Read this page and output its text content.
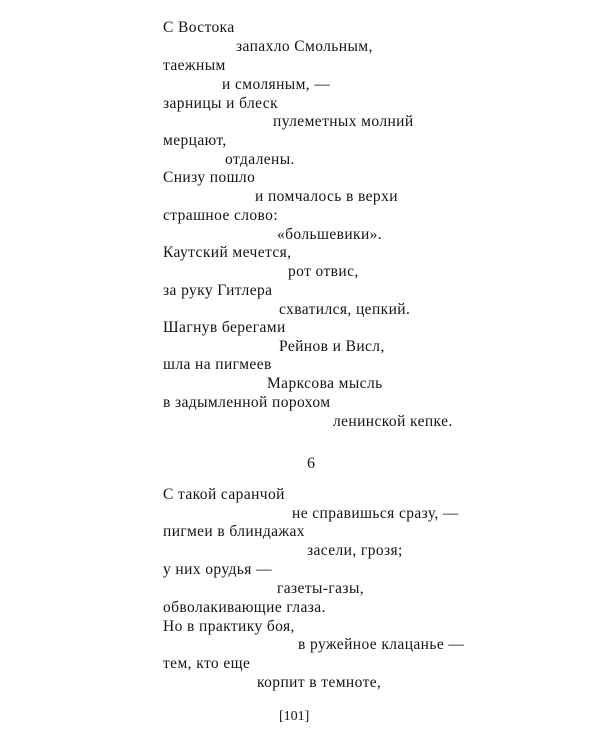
С Востока
запахло Смольным,
таежным
и смоляным, —
зарницы и блеск
пулеметных молний
мерцают,
отдалены.
Снизу пошло
и помчалось в верхи
страшное слово:
«большевики».
Каутский мечется,
рот отвис,
за руку Гитлера
схватился, цепкий.
Шагнув берегами
Рейнов и Висл,
шла на пигмеев
Марксова мысль
в задымленной порохом
ленинской кепке.
6
С такой саранчой
не справишься сразу, —
пигмеи в блиндажах
засели, грозя;
у них орудья —
газеты-газы,
обволакивающие глаза.
Но в практику боя,
в ружейное клацанье —
тем, кто еще
корпит в темноте,
[101]
